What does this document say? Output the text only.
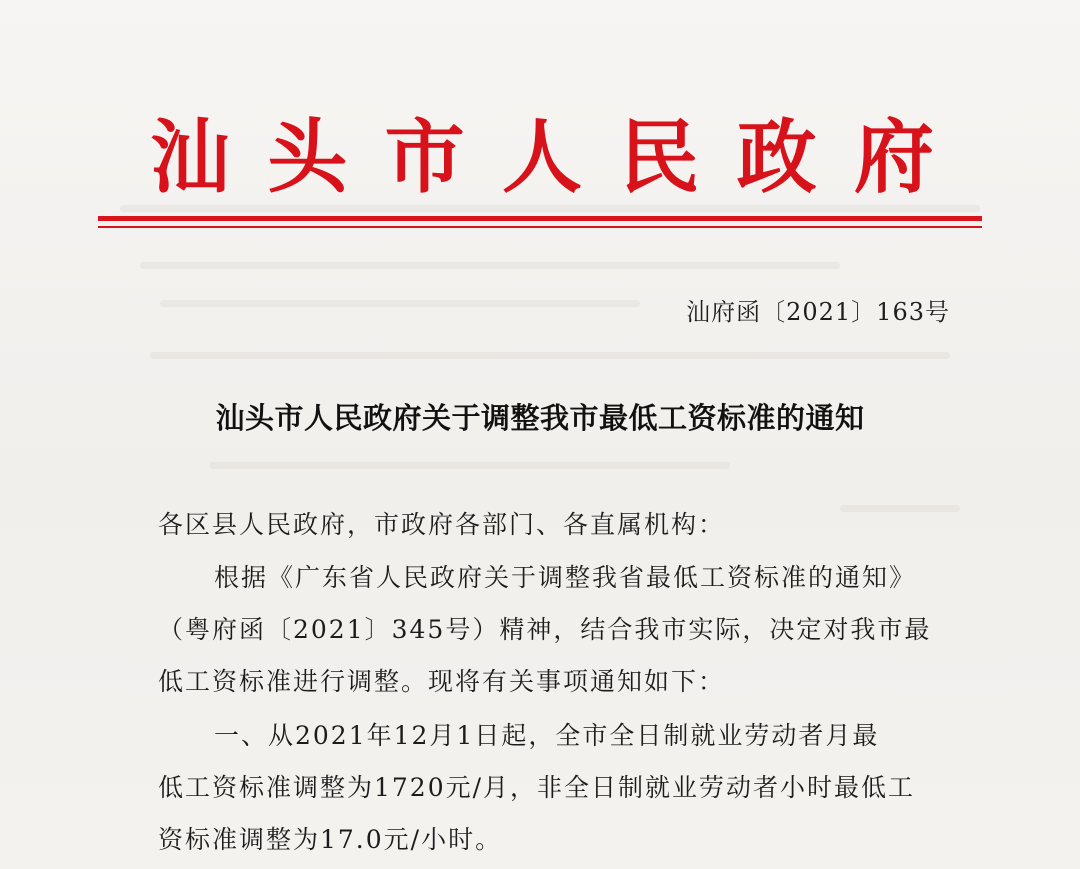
汕 头 市 人 民 政 府
汕府函〔2021〕163号
汕头市人民政府关于调整我市最低工资标准的通知
各区县人民政府，市政府各部门、各直属机构：
根据《广东省人民政府关于调整我省最低工资标准的通知》
（粤府函〔2021〕345号）精神，结合我市实际，决定对我市最
低工资标准进行调整。现将有关事项通知如下：
一、从2021年12月1日起，全市全日制就业劳动者月最
低工资标准调整为1720元/月，非全日制就业劳动者小时最低工
资标准调整为17.0元/小时。
